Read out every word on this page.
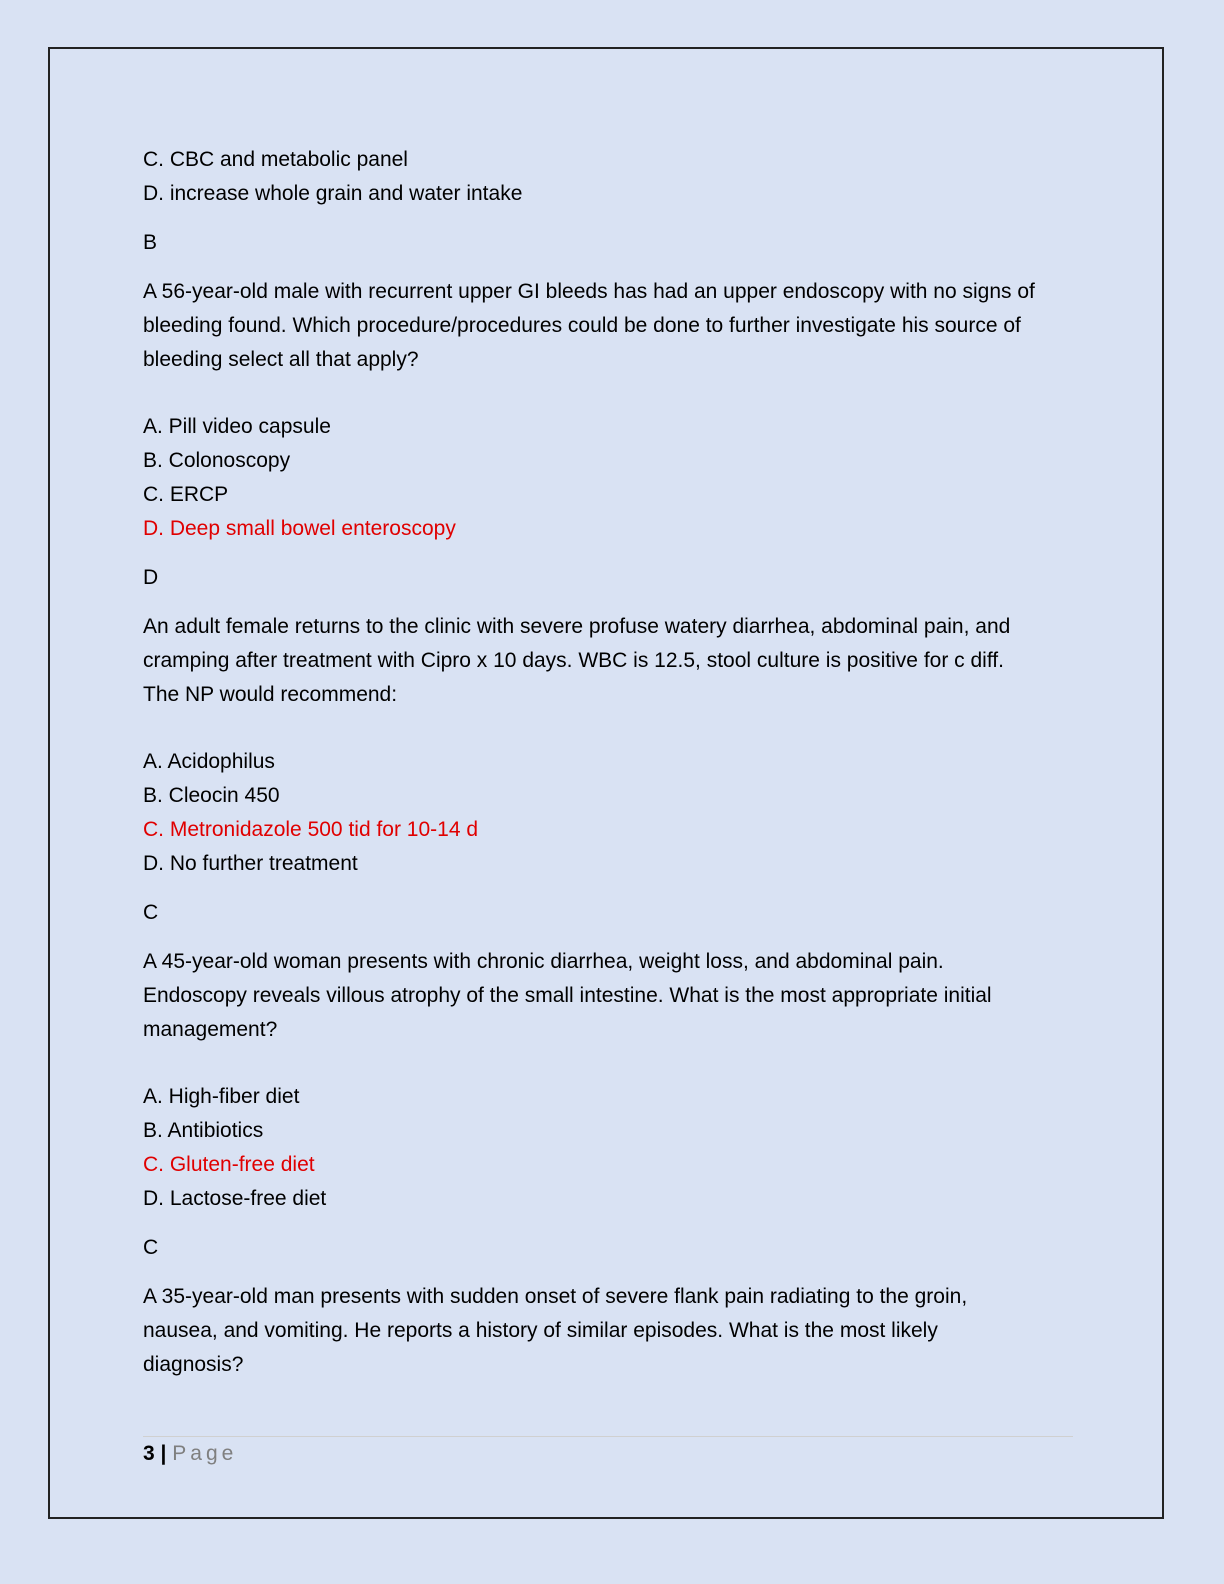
C. CBC and metabolic panel

D. increase whole grain and water intake

B

A 56-year-old male with recurrent upper GI bleeds has had an upper endoscopy with no signs of

bleeding found. Which procedure/procedures could be done to further investigate his source of

bleeding select all that apply?

A. Pill video capsule

B. Colonoscopy

C. ERCP

D. Deep small bowel enteroscopy

D

An adult female returns to the clinic with severe profuse watery diarrhea, abdominal pain, and

cramping after treatment with Cipro x 10 days. WBC is 12.5, stool culture is positive for c diff.

The NP would recommend:

A. Acidophilus

B. Cleocin 450

C. Metronidazole 500 tid for 10-14 d

D. No further treatment

C

A 45-year-old woman presents with chronic diarrhea, weight loss, and abdominal pain.

Endoscopy reveals villous atrophy of the small intestine. What is the most appropriate initial

management?

A. High-fiber diet

B. Antibiotics

C. Gluten-free diet

D. Lactose-free diet

C

A 35-year-old man presents with sudden onset of severe flank pain radiating to the groin,

nausea, and vomiting. He reports a history of similar episodes. What is the most likely

diagnosis?

3 | Page
